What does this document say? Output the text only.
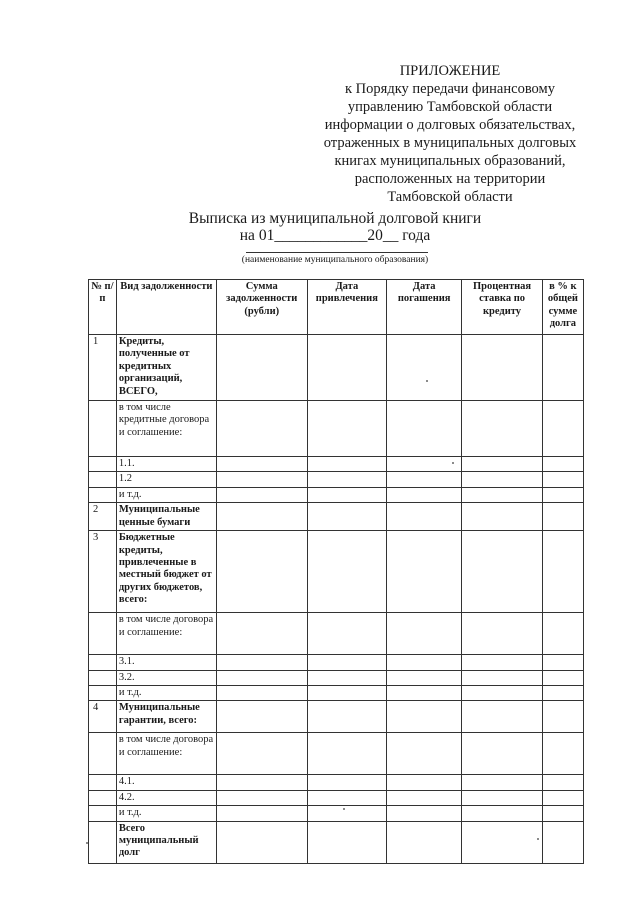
ПРИЛОЖЕНИЕ
к Порядку передачи финансовому
управлению Тамбовской области
информации о долговых обязательствах,
отраженных в муниципальных долговых
книгах муниципальных образований,
расположенных на территории
Тамбовской области
Выписка из муниципальной долговой книги
на 01____________20__ года
(наименование муниципального образования)
№ п/п	Вид задолженности	Сумма задолженности (рубли)	Дата привлечения	Дата погашения	Процентная ставка по кредиту	в % к общей сумме долга
1	Кредиты, полученные от кредитных организаций, ВСЕГО,					
	в том числе кредитные договора и соглашение:					
	1.1.					
	1.2					
	и т.д.					
2	Муниципальные ценные бумаги					
3	Бюджетные кредиты, привлеченные в местный бюджет от других бюджетов, всего:					
	в том числе договора и соглашение:					
	3.1.					
	3.2.					
	и т.д.					
4	Муниципальные гарантии, всего:					
	в том числе договора и соглашение:					
	4.1.					
	4.2.					
	и т.д.					
	Всего муниципальный долг					
